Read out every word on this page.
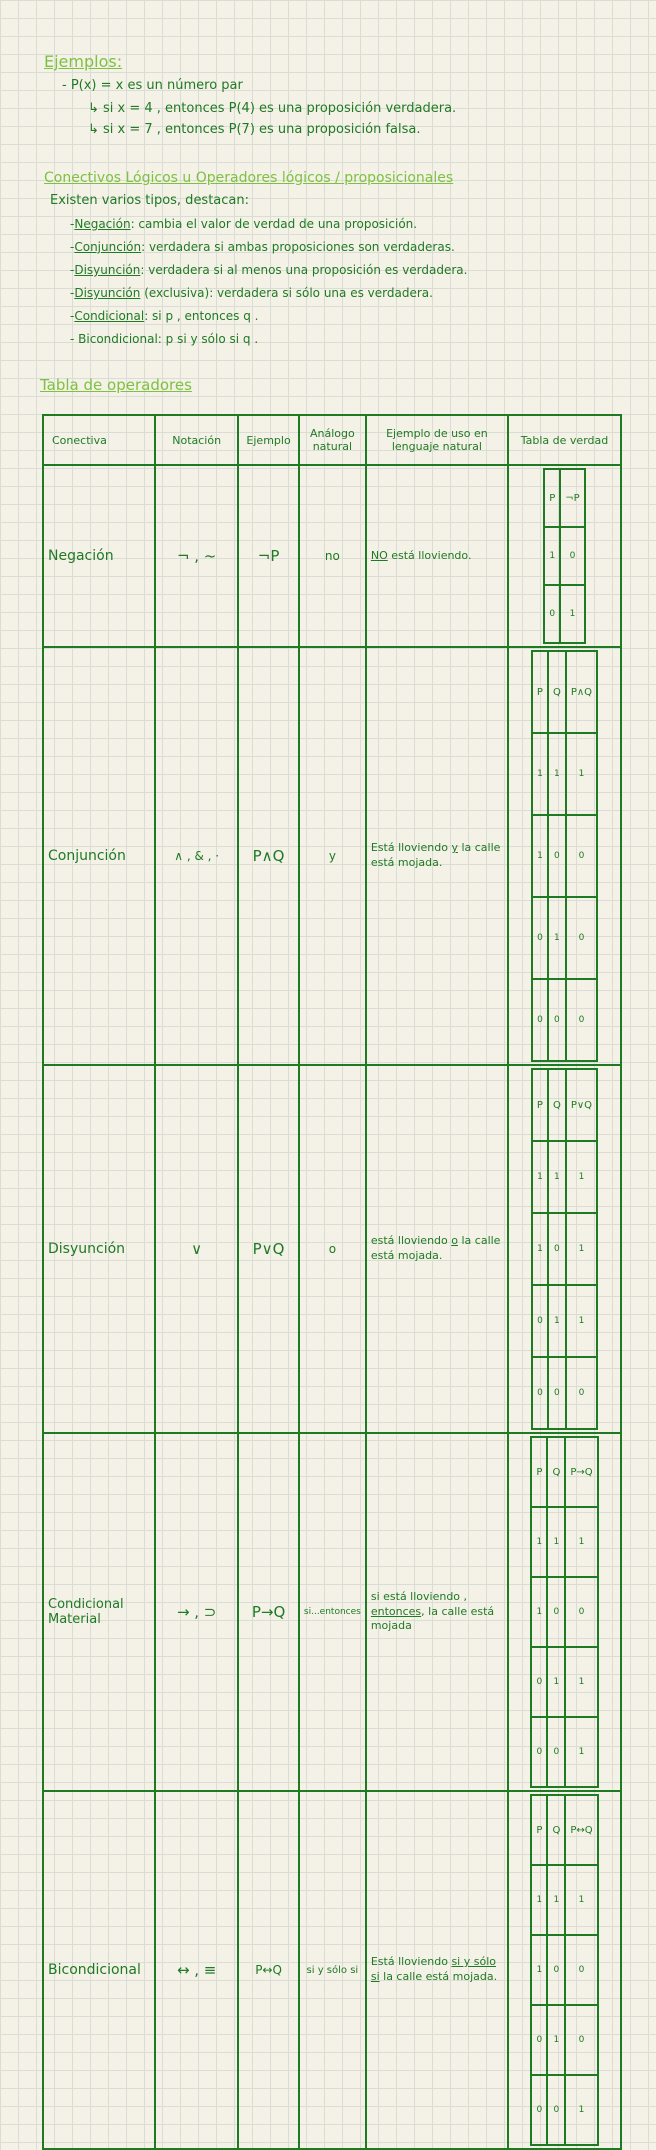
Ejemplos:
- P(x) = x es un número par
↳ si x = 4 , entonces P(4) es una proposición verdadera.
↳ si x = 7 , entonces P(7) es una proposición falsa.
Conectivos Lógicos u Operadores lógicos / proposicionales
Existen varios tipos, destacan:
-Negación: cambia el valor de verdad de una proposición.
-Conjunción: verdadera si ambas proposiciones son verdaderas.
-Disyunción: verdadera si al menos una proposición es verdadera.
-Disyunción (exclusiva): verdadera si sólo una es verdadera.
-Condicional: si p , entonces q .
- Bicondicional: p si y sólo si q .
Tabla de operadores
Conectiva	Notación	Ejemplo	Análogo natural	Ejemplo de uso en lenguaje natural	Tabla de verdad
Negación	¬ , ~	¬P	no	NO está lloviendo.	
P	¬P
1	0
0	1

Conjunción	∧ , & , ·	P∧Q	y	Está lloviendo y la calle está mojada.	
P	Q	P∧Q
1	1	1
1	0	0
0	1	0
0	0	0

Disyunción	∨	P∨Q	o	está lloviendo o la calle está mojada.	
P	Q	P∨Q
1	1	1
1	0	1
0	1	1
0	0	0

Condicional Material	→ , ⊃	P→Q	si...entonces	si está lloviendo , entonces, la calle está mojada	
P	Q	P→Q
1	1	1
1	0	0
0	1	1
0	0	1

Bicondicional	↔ , ≡	P↔Q	si y sólo si	Está lloviendo si y sólo si la calle está mojada.	
P	Q	P↔Q
1	1	1
1	0	0
0	1	0
0	0	1
